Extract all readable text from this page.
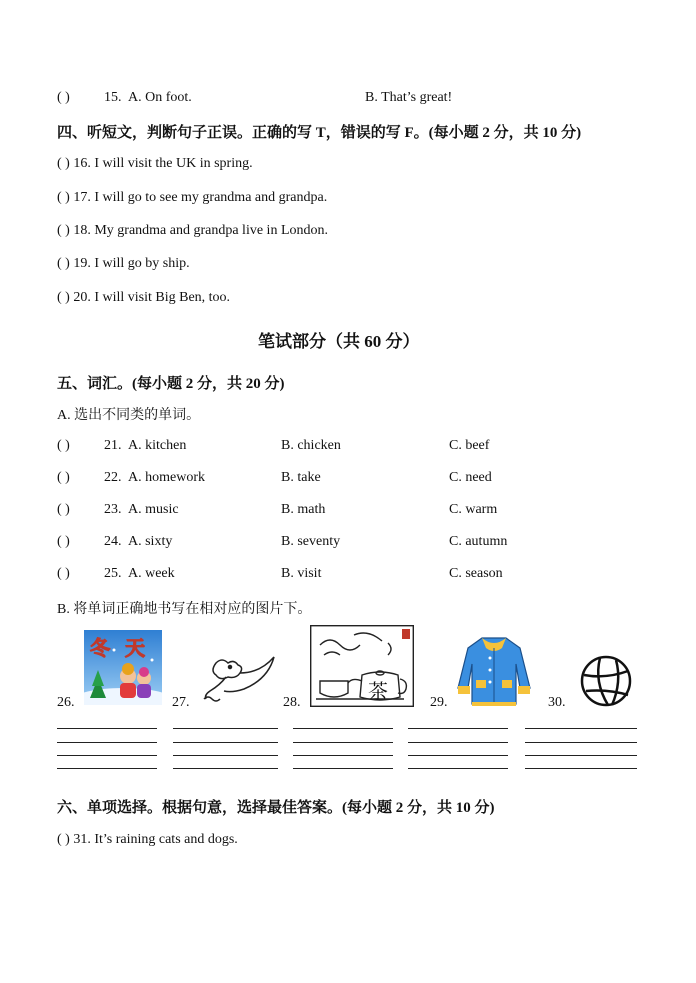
( ) 15. A. On foot.	B. That’s great!
四、听短文，判断句子正误。正确的写 T，错误的写 F。(每小题 2 分，共 10 分)
( ) 16. I will visit the UK in spring.
( ) 17. I will go to see my grandma and grandpa.
( ) 18. My grandma and grandpa live in London.
( ) 19. I will go by ship.
( ) 20. I will visit Big Ben, too.
笔试部分（共 60 分）
五、词汇。(每小题 2 分，共 20 分)
A. 选出不同类的单词。
( ) 21. A. kitchen	B. chicken	C. beef
( ) 22. A. homework	B. take	C. need
( ) 23. A. music	B. math	C. warm
( ) 24. A. sixty	B. seventy	C. autumn
( ) 25. A. week	B. visit	C. season
B. 将单词正确地书写在相对应的图片下。
26.
冬 天
27.	28.	茶	29.	30.
六、单项选择。根据句意，选择最佳答案。(每小题 2 分，共 10 分)
( ) 31. It’s raining cats and dogs.
